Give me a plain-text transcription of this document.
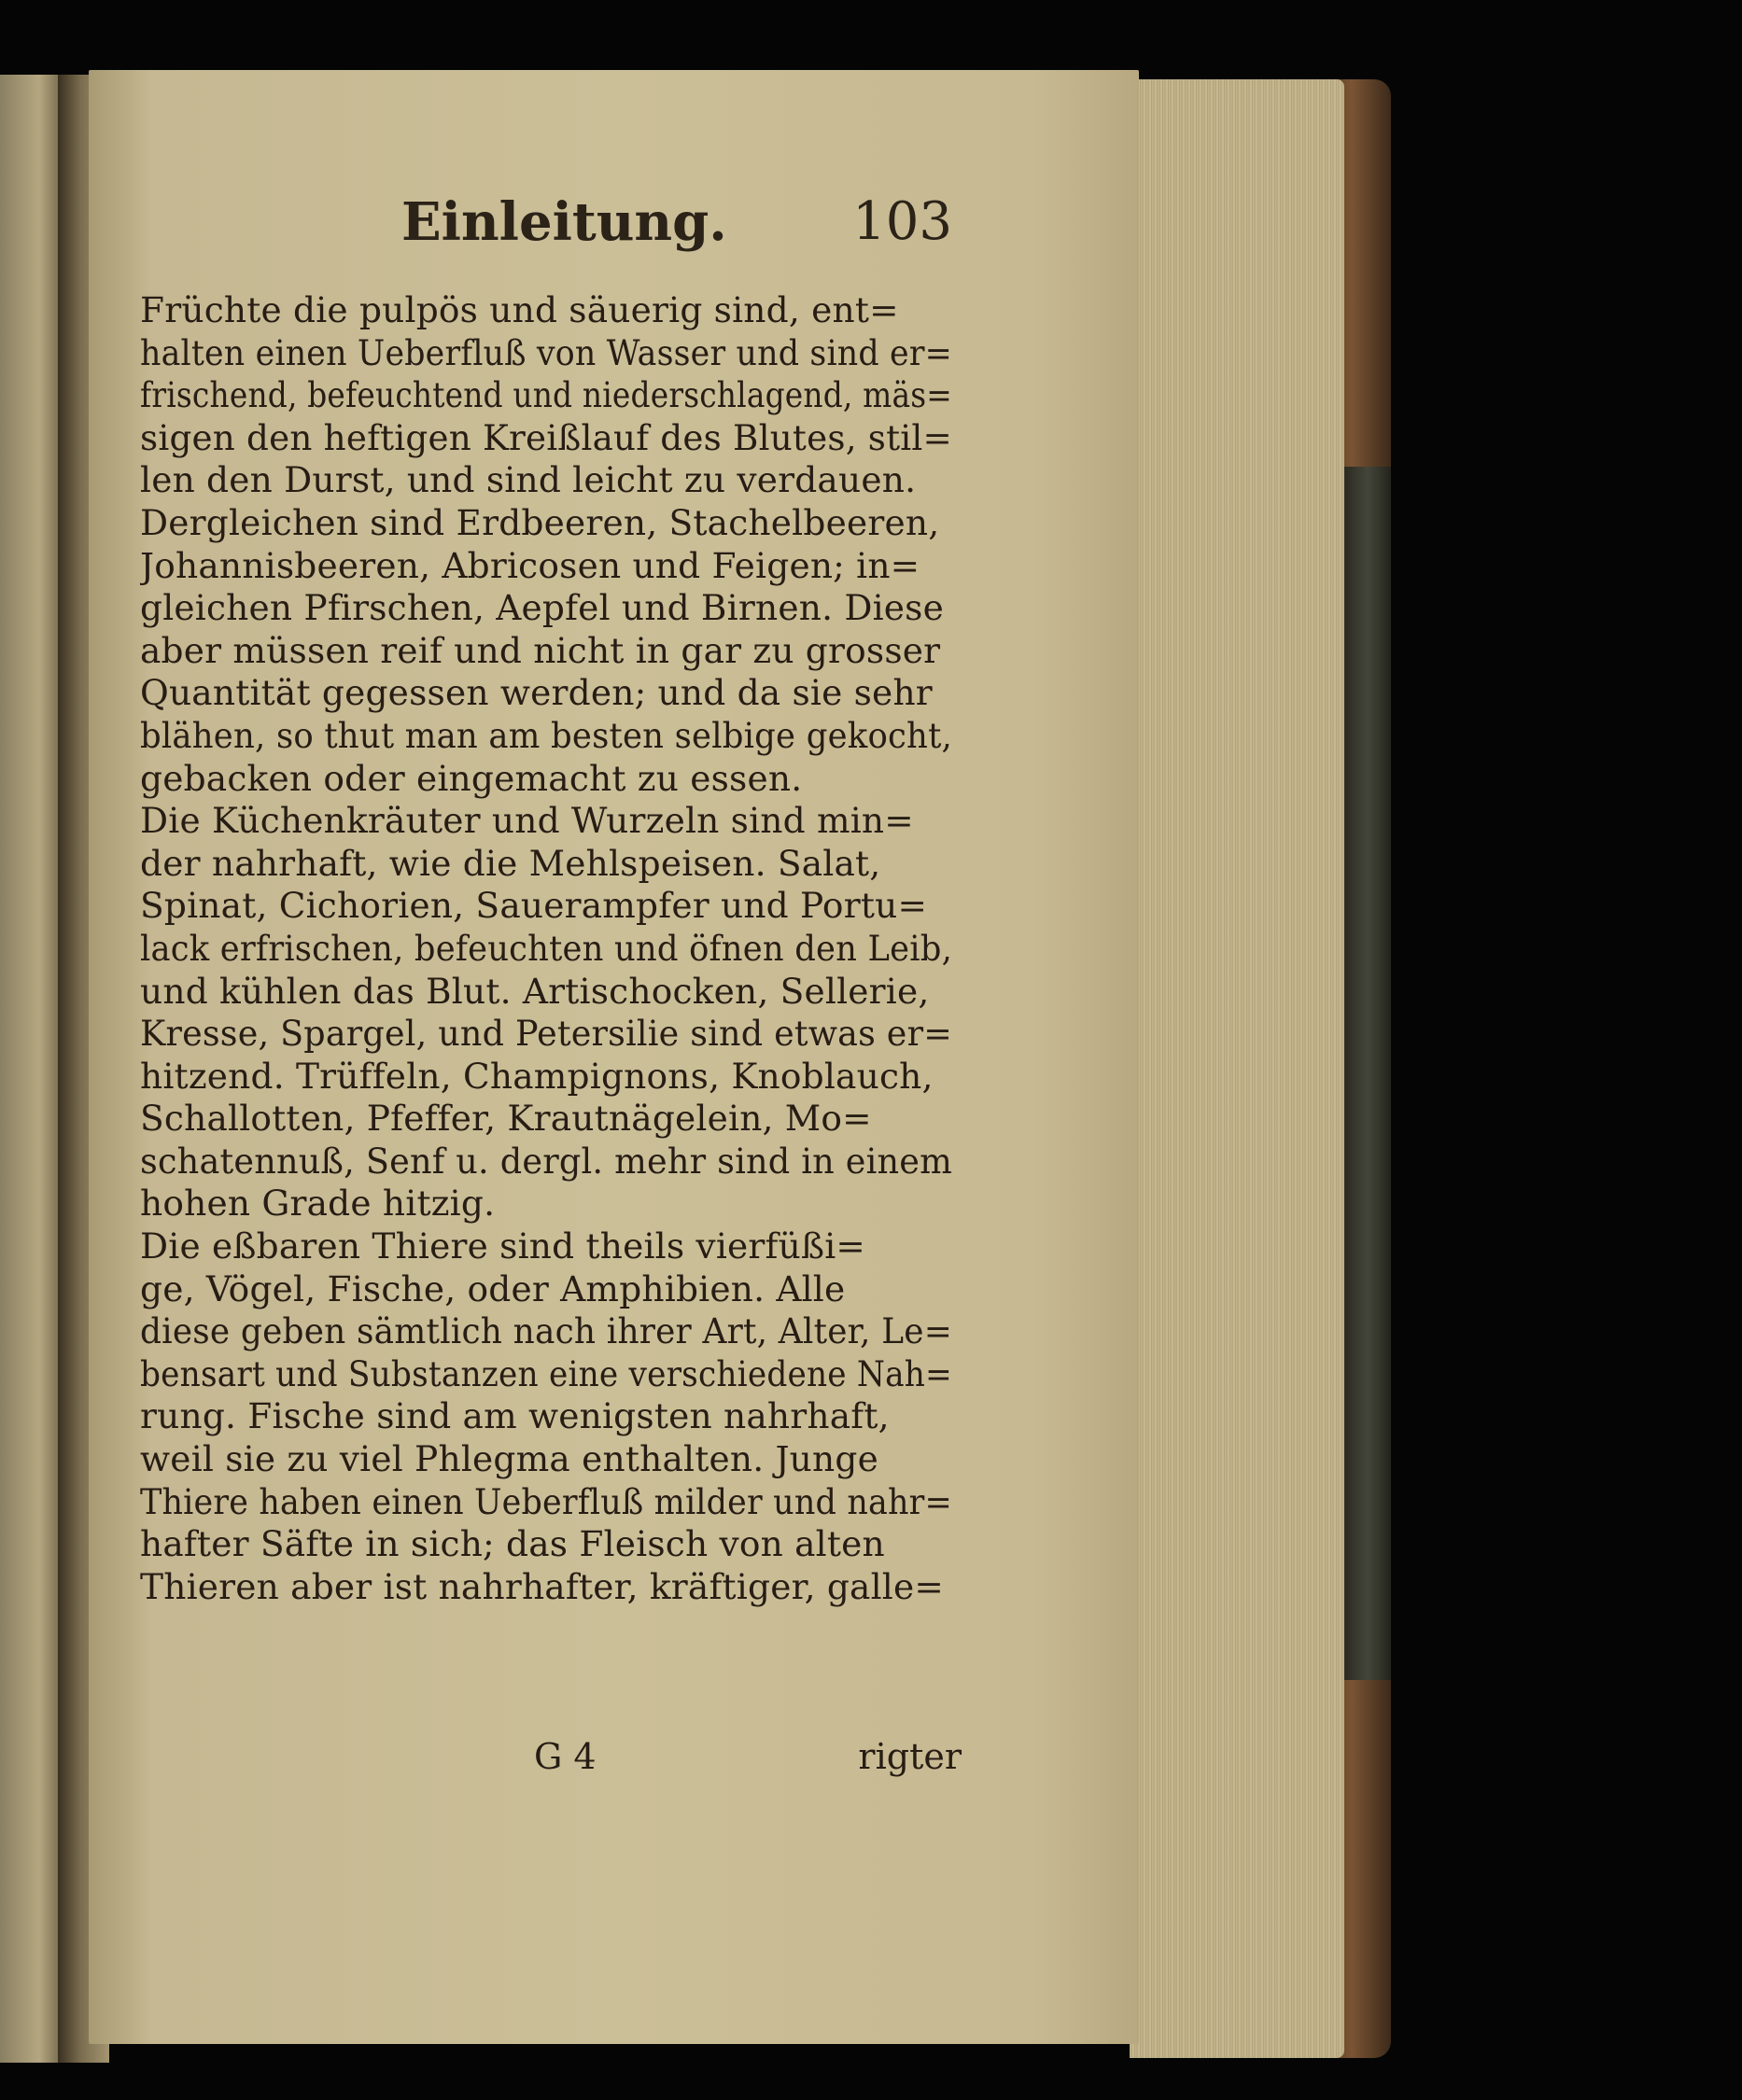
Einleitung. 103
Früchte die pulpös und säuerig sind, ent=
halten einen Ueberfluß von Wasser und sind er=
frischend, befeuchtend und niederschlagend, mäs=
sigen den heftigen Kreißlauf des Blutes, stil=
len den Durst, und sind leicht zu verdauen.
Dergleichen sind Erdbeeren, Stachelbeeren,
Johannisbeeren, Abricosen und Feigen; in=
gleichen Pfirschen, Aepfel und Birnen. Diese
aber müssen reif und nicht in gar zu grosser
Quantität gegessen werden; und da sie sehr
blähen, so thut man am besten selbige gekocht,
gebacken oder eingemacht zu essen.
Die Küchenkräuter und Wurzeln sind min=
der nahrhaft, wie die Mehlspeisen. Salat,
Spinat, Cichorien, Sauerampfer und Portu=
lack erfrischen, befeuchten und öfnen den Leib,
und kühlen das Blut. Artischocken, Sellerie,
Kresse, Spargel, und Petersilie sind etwas er=
hitzend. Trüffeln, Champignons, Knoblauch,
Schallotten, Pfeffer, Krautnägelein, Mo=
schatennuß, Senf u. dergl. mehr sind in einem
hohen Grade hitzig.
Die eßbaren Thiere sind theils vierfüßi=
ge, Vögel, Fische, oder Amphibien. Alle
diese geben sämtlich nach ihrer Art, Alter, Le=
bensart und Substanzen eine verschiedene Nah=
rung. Fische sind am wenigsten nahrhaft,
weil sie zu viel Phlegma enthalten. Junge
Thiere haben einen Ueberfluß milder und nahr=
hafter Säfte in sich; das Fleisch von alten
Thieren aber ist nahrhafter, kräftiger, galle=
G 4	rigter
